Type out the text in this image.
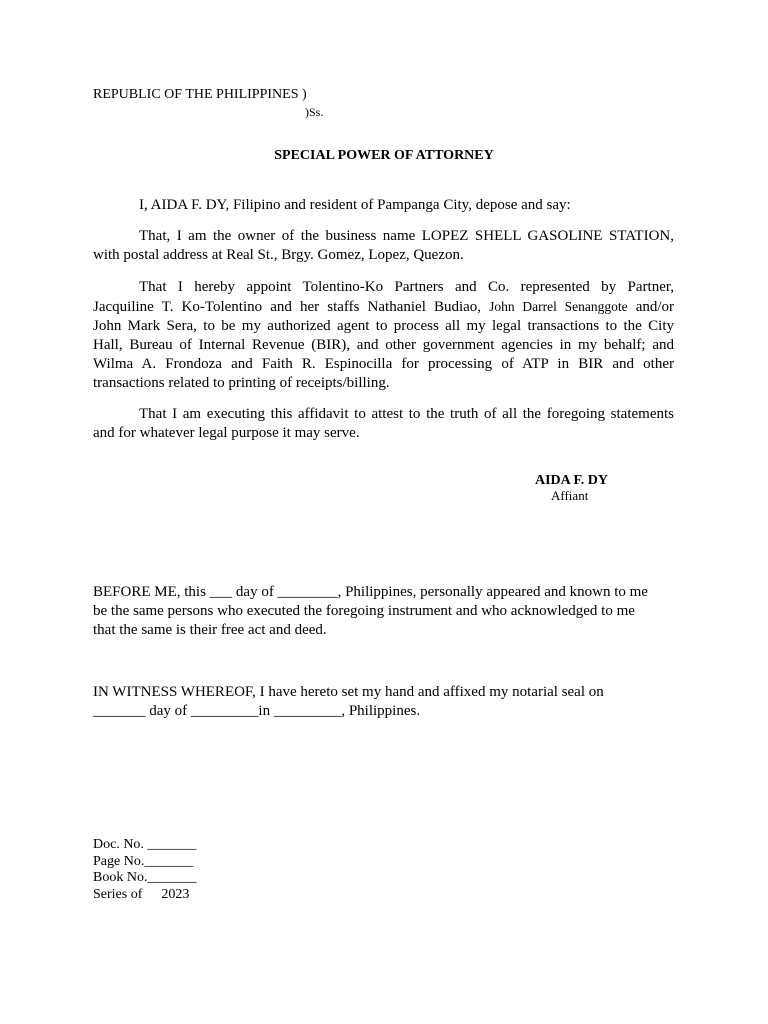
REPUBLIC OF THE PHILIPPINES )
)Ss.
SPECIAL POWER OF ATTORNEY
I, AIDA F. DY, Filipino and resident of Pampanga City, depose and say:
That, I am the owner of the business name LOPEZ SHELL GASOLINE STATION,
with postal address at Real St., Brgy. Gomez, Lopez, Quezon.
That I hereby appoint Tolentino-Ko Partners and Co. represented by Partner,
Jacquiline T. Ko-Tolentino and her staffs Nathaniel Budiao, John Darrel Senanggote and/or
John Mark Sera, to be my authorized agent to process all my legal transactions to the City
Hall, Bureau of Internal Revenue (BIR), and other government agencies in my behalf; and
Wilma A. Frondoza and Faith R. Espinocilla for processing of ATP in BIR and other
transactions related to printing of receipts/billing.
That I am executing this affidavit to attest to the truth of all the foregoing statements
and for whatever legal purpose it may serve.
AIDA F. DY
Affiant
BEFORE ME, this ___ day of ________, Philippines, personally appeared and known to me
be the same persons who executed the foregoing instrument and who acknowledged to me
that the same is their free act and deed.
IN WITNESS WHEREOF, I have hereto set my hand and affixed my notarial seal on
_______ day of _________in _________, Philippines.
Doc. No. _______
Page No._______
Book No._______
Series of 2023
